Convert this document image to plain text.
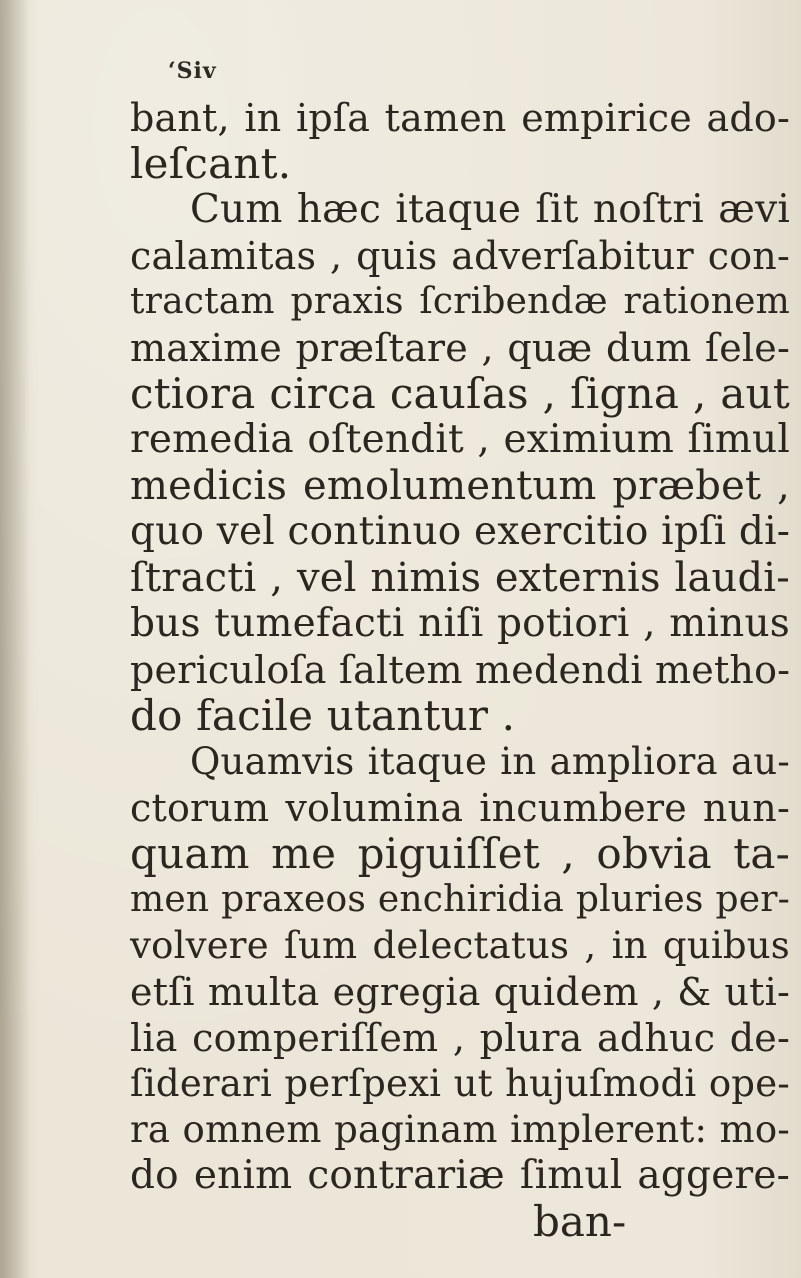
ʻSiv
bant, in ipſa tamen empirice ado-
leſcant.
Cum hæc itaque ſit noſtri ævi
calamitas , quis adverſabitur con-
tractam praxis ſcribendæ rationem
maxime præſtare , quæ dum ſele-
ctiora circa cauſas , ſigna , aut
remedia oſtendit , eximium ſimul
medicis emolumentum præbet ,
quo vel continuo exercitio ipſi di-
ſtracti , vel nimis externis laudi-
bus tumefacti niſi potiori , minus
periculoſa ſaltem medendi metho-
do facile utantur .
Quamvis itaque in ampliora au-
ctorum volumina incumbere nun-
quam me piguiſſet , obvia ta-
men praxeos enchiridia pluries per-
volvere ſum delectatus , in quibus
etſi multa egregia quidem , & uti-
lia comperiſſem , plura adhuc de-
ſiderari perſpexi ut hujuſmodi ope-
ra omnem paginam implerent: mo-
do enim contrariæ ſimul aggere-
ban-
